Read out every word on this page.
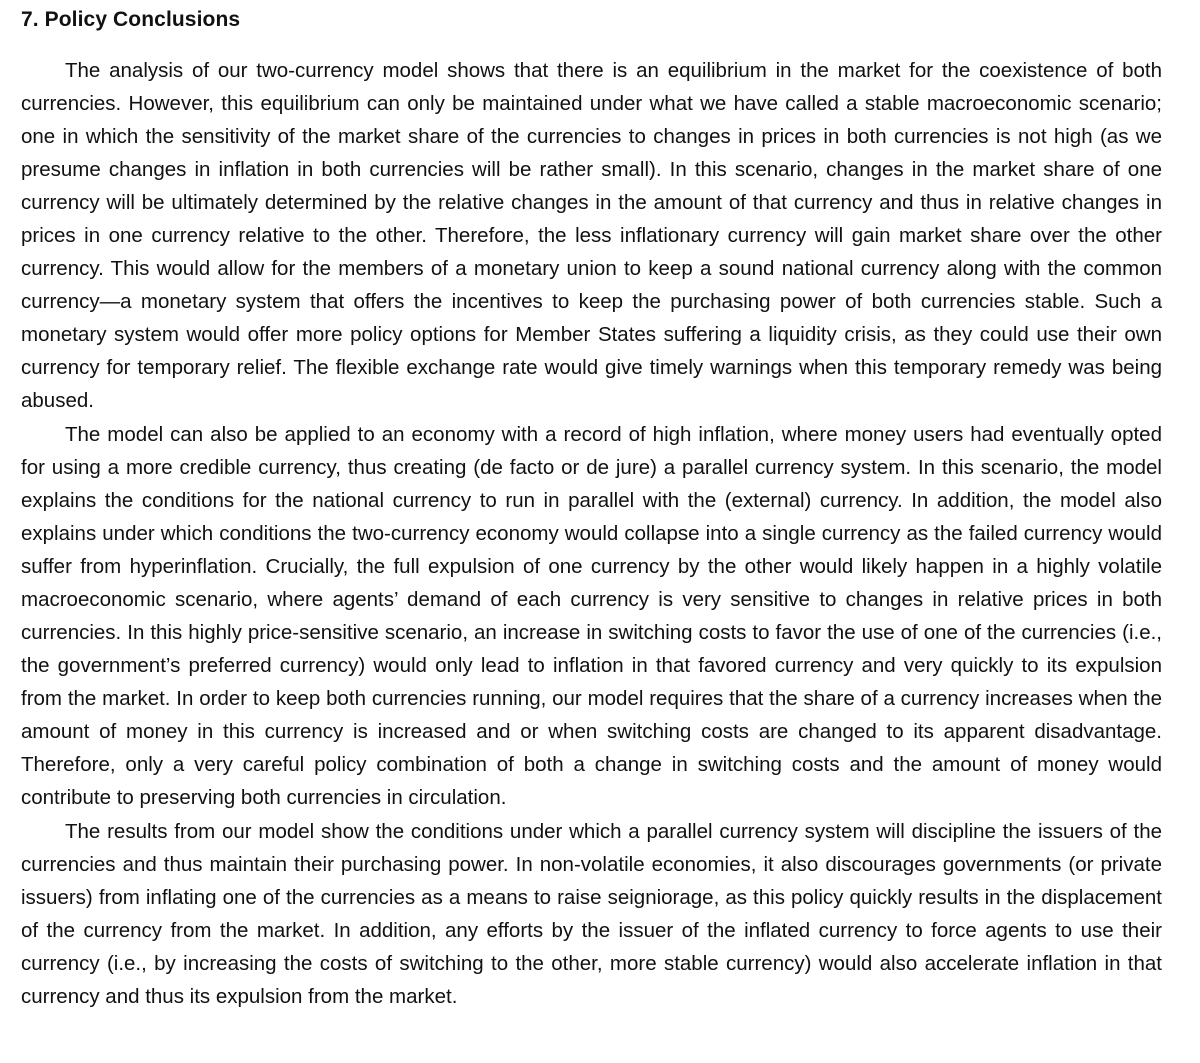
7. Policy Conclusions

The analysis of our two-currency model shows that there is an equilibrium in the market for the coexistence of both currencies. However, this equilibrium can only be maintained under what we have called a stable macroeconomic scenario; one in which the sensitivity of the market share of the currencies to changes in prices in both currencies is not high (as we presume changes in inflation in both currencies will be rather small). In this scenario, changes in the market share of one currency will be ultimately determined by the relative changes in the amount of that currency and thus in relative changes in prices in one currency relative to the other. Therefore, the less inflationary currency will gain market share over the other currency. This would allow for the members of a monetary union to keep a sound national currency along with the common currency—a monetary system that offers the incentives to keep the purchasing power of both currencies stable. Such a monetary system would offer more policy options for Member States suffering a liquidity crisis, as they could use their own currency for temporary relief. The flexible exchange rate would give timely warnings when this temporary remedy was being abused.

The model can also be applied to an economy with a record of high inflation, where money users had eventually opted for using a more credible currency, thus creating (de facto or de jure) a parallel currency system. In this scenario, the model explains the conditions for the national currency to run in parallel with the (external) currency. In addition, the model also explains under which conditions the two-currency economy would collapse into a single currency as the failed currency would suffer from hyperinflation. Crucially, the full expulsion of one currency by the other would likely happen in a highly volatile macroeconomic scenario, where agents’ demand of each currency is very sensitive to changes in relative prices in both currencies. In this highly price-sensitive scenario, an increase in switching costs to favor the use of one of the currencies (i.e., the government’s preferred currency) would only lead to inflation in that favored currency and very quickly to its expulsion from the market. In order to keep both currencies running, our model requires that the share of a currency increases when the amount of money in this currency is increased and or when switching costs are changed to its apparent disadvantage. Therefore, only a very careful policy combination of both a change in switching costs and the amount of money would contribute to preserving both currencies in circulation.

The results from our model show the conditions under which a parallel currency system will discipline the issuers of the currencies and thus maintain their purchasing power. In non-volatile economies, it also discourages governments (or private issuers) from inflating one of the currencies as a means to raise seigniorage, as this policy quickly results in the displacement of the currency from the market. In addition, any efforts by the issuer of the inflated currency to force agents to use their currency (i.e., by increasing the costs of switching to the other, more stable currency) would also accelerate inflation in that currency and thus its expulsion from the market.
